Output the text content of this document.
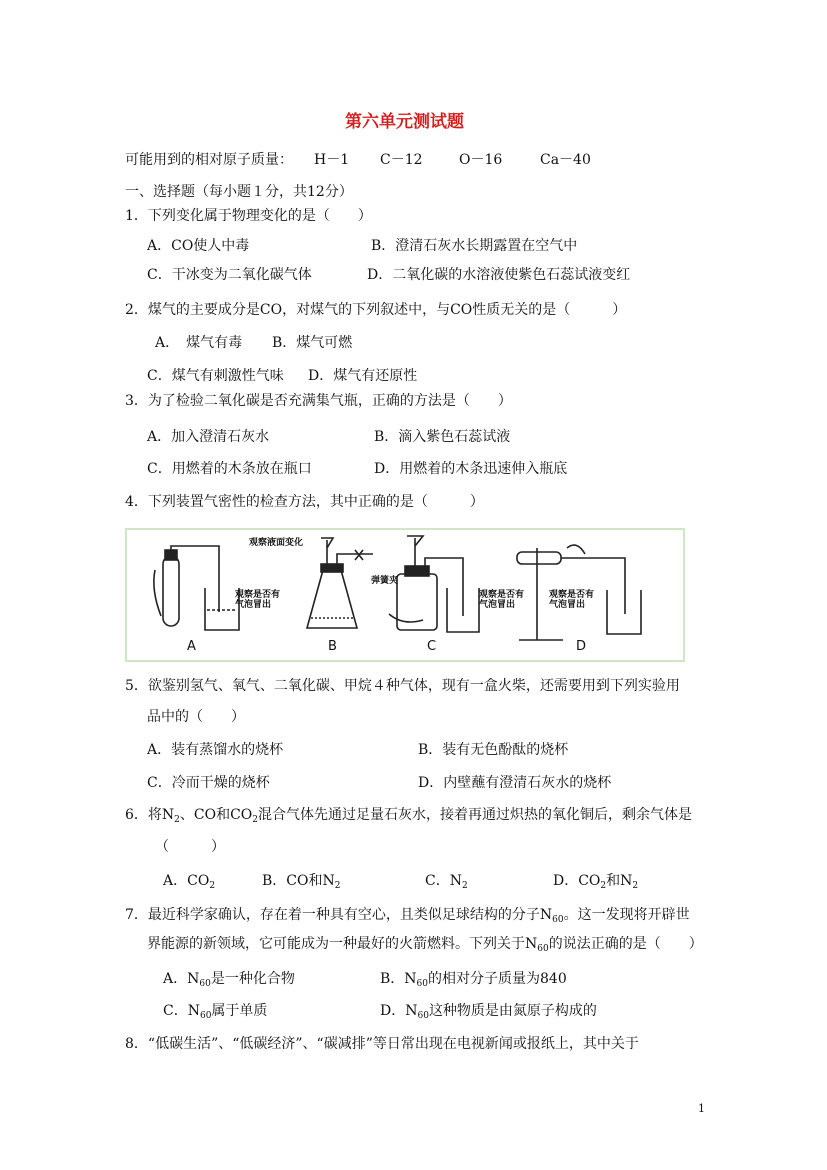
第六单元测试题
可能用到的相对原子质量： H－1 C－12	O－16	Ca－40
一、选择题（每小题１分，共12分）
1．下列变化属于物理变化的是（　　）
A．CO使人中毒	B．澄清石灰水长期露置在空气中
C．干冰变为二氧化碳气体	D．二氧化碳的水溶液使紫色石蕊试液变红
2．煤气的主要成分是CO，对煤气的下列叙述中，与CO性质无关的是（　　　）
A．　煤气有毒 B．煤气可燃
C．煤气有刺激性气味 D．煤气有还原性
3．为了检验二氧化碳是否充满集气瓶，正确的方法是（　　）
A．加入澄清石灰水	B．滴入紫色石蕊试液
C．用燃着的木条放在瓶口	D．用燃着的木条迅速伸入瓶底
4．下列装置气密性的检查方法，其中正确的是（　　　）
A	B	C	D
观察液面变化
弹簧夹
观察是否有气泡冒出
观察是否有气泡冒出
观察是否有气泡冒出
5．欲鉴别氢气、氧气、二氧化碳、甲烷４种气体，现有一盒火柴，还需要用到下列实验用
品中的（　　）
A．装有蒸馏水的烧杯	B．装有无色酚酞的烧杯
C．冷而干燥的烧杯	D．内壁蘸有澄清石灰水的烧杯
6．将$N_2$、CO和$CO_2$混合气体先通过足量石灰水，接着再通过炽热的氧化铜后，剩余气体是
（　　　）
A．$CO_2$	B．CO和$N_2$	C．$N_2$	D．$CO_2$和$N_2$
7．最近科学家确认，存在着一种具有空心，且类似足球结构的分子$N_{60}$。这一发现将开辟世
界能源的新领域，它可能成为一种最好的火箭燃料。下列关于$N_{60}$的说法正确的是（　　）
A．$N_{60}$是一种化合物	B．$N_{60}$的相对分子质量为840
C．$N_{60}$属于单质	D．$N_{60}$这种物质是由氮原子构成的
8．“低碳生活”、“低碳经济”、“碳减排”等日常出现在电视新闻或报纸上，其中关于
1
